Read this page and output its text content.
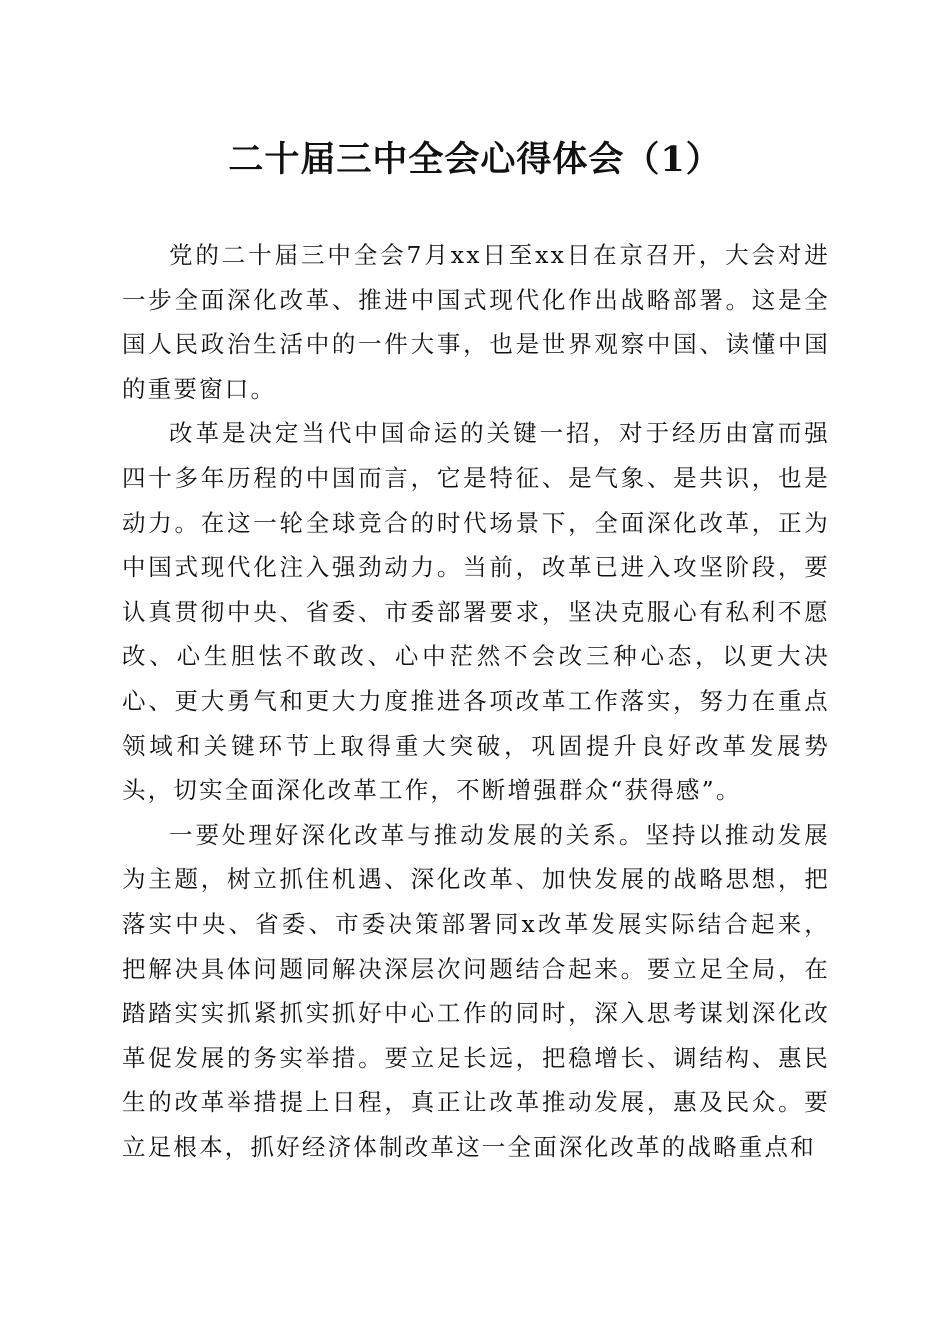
二十届三中全会心得体会（1）

党的二十届三中全会7月xx日至xx日在京召开，大会对进一步全面深化改革、推进中国式现代化作出战略部署。这是全国人民政治生活中的一件大事，也是世界观察中国、读懂中国的重要窗口。

改革是决定当代中国命运的关键一招，对于经历由富而强四十多年历程的中国而言，它是特征、是气象、是共识，也是动力。在这一轮全球竞合的时代场景下，全面深化改革，正为中国式现代化注入强劲动力。当前，改革已进入攻坚阶段，要认真贯彻中央、省委、市委部署要求，坚决克服心有私利不愿改、心生胆怯不敢改、心中茫然不会改三种心态，以更大决心、更大勇气和更大力度推进各项改革工作落实，努力在重点领域和关键环节上取得重大突破，巩固提升良好改革发展势头，切实全面深化改革工作，不断增强群众“获得感”。

一要处理好深化改革与推动发展的关系。坚持以推动发展为主题，树立抓住机遇、深化改革、加快发展的战略思想，把落实中央、省委、市委决策部署同x改革发展实际结合起来，把解决具体问题同解决深层次问题结合起来。要立足全局，在踏踏实实抓紧抓实抓好中心工作的同时，深入思考谋划深化改革促发展的务实举措。要立足长远，把稳增长、调结构、惠民生的改革举措提上日程，真正让改革推动发展，惠及民众。要立足根本，抓好经济体制改革这一全面深化改革的战略重点和
